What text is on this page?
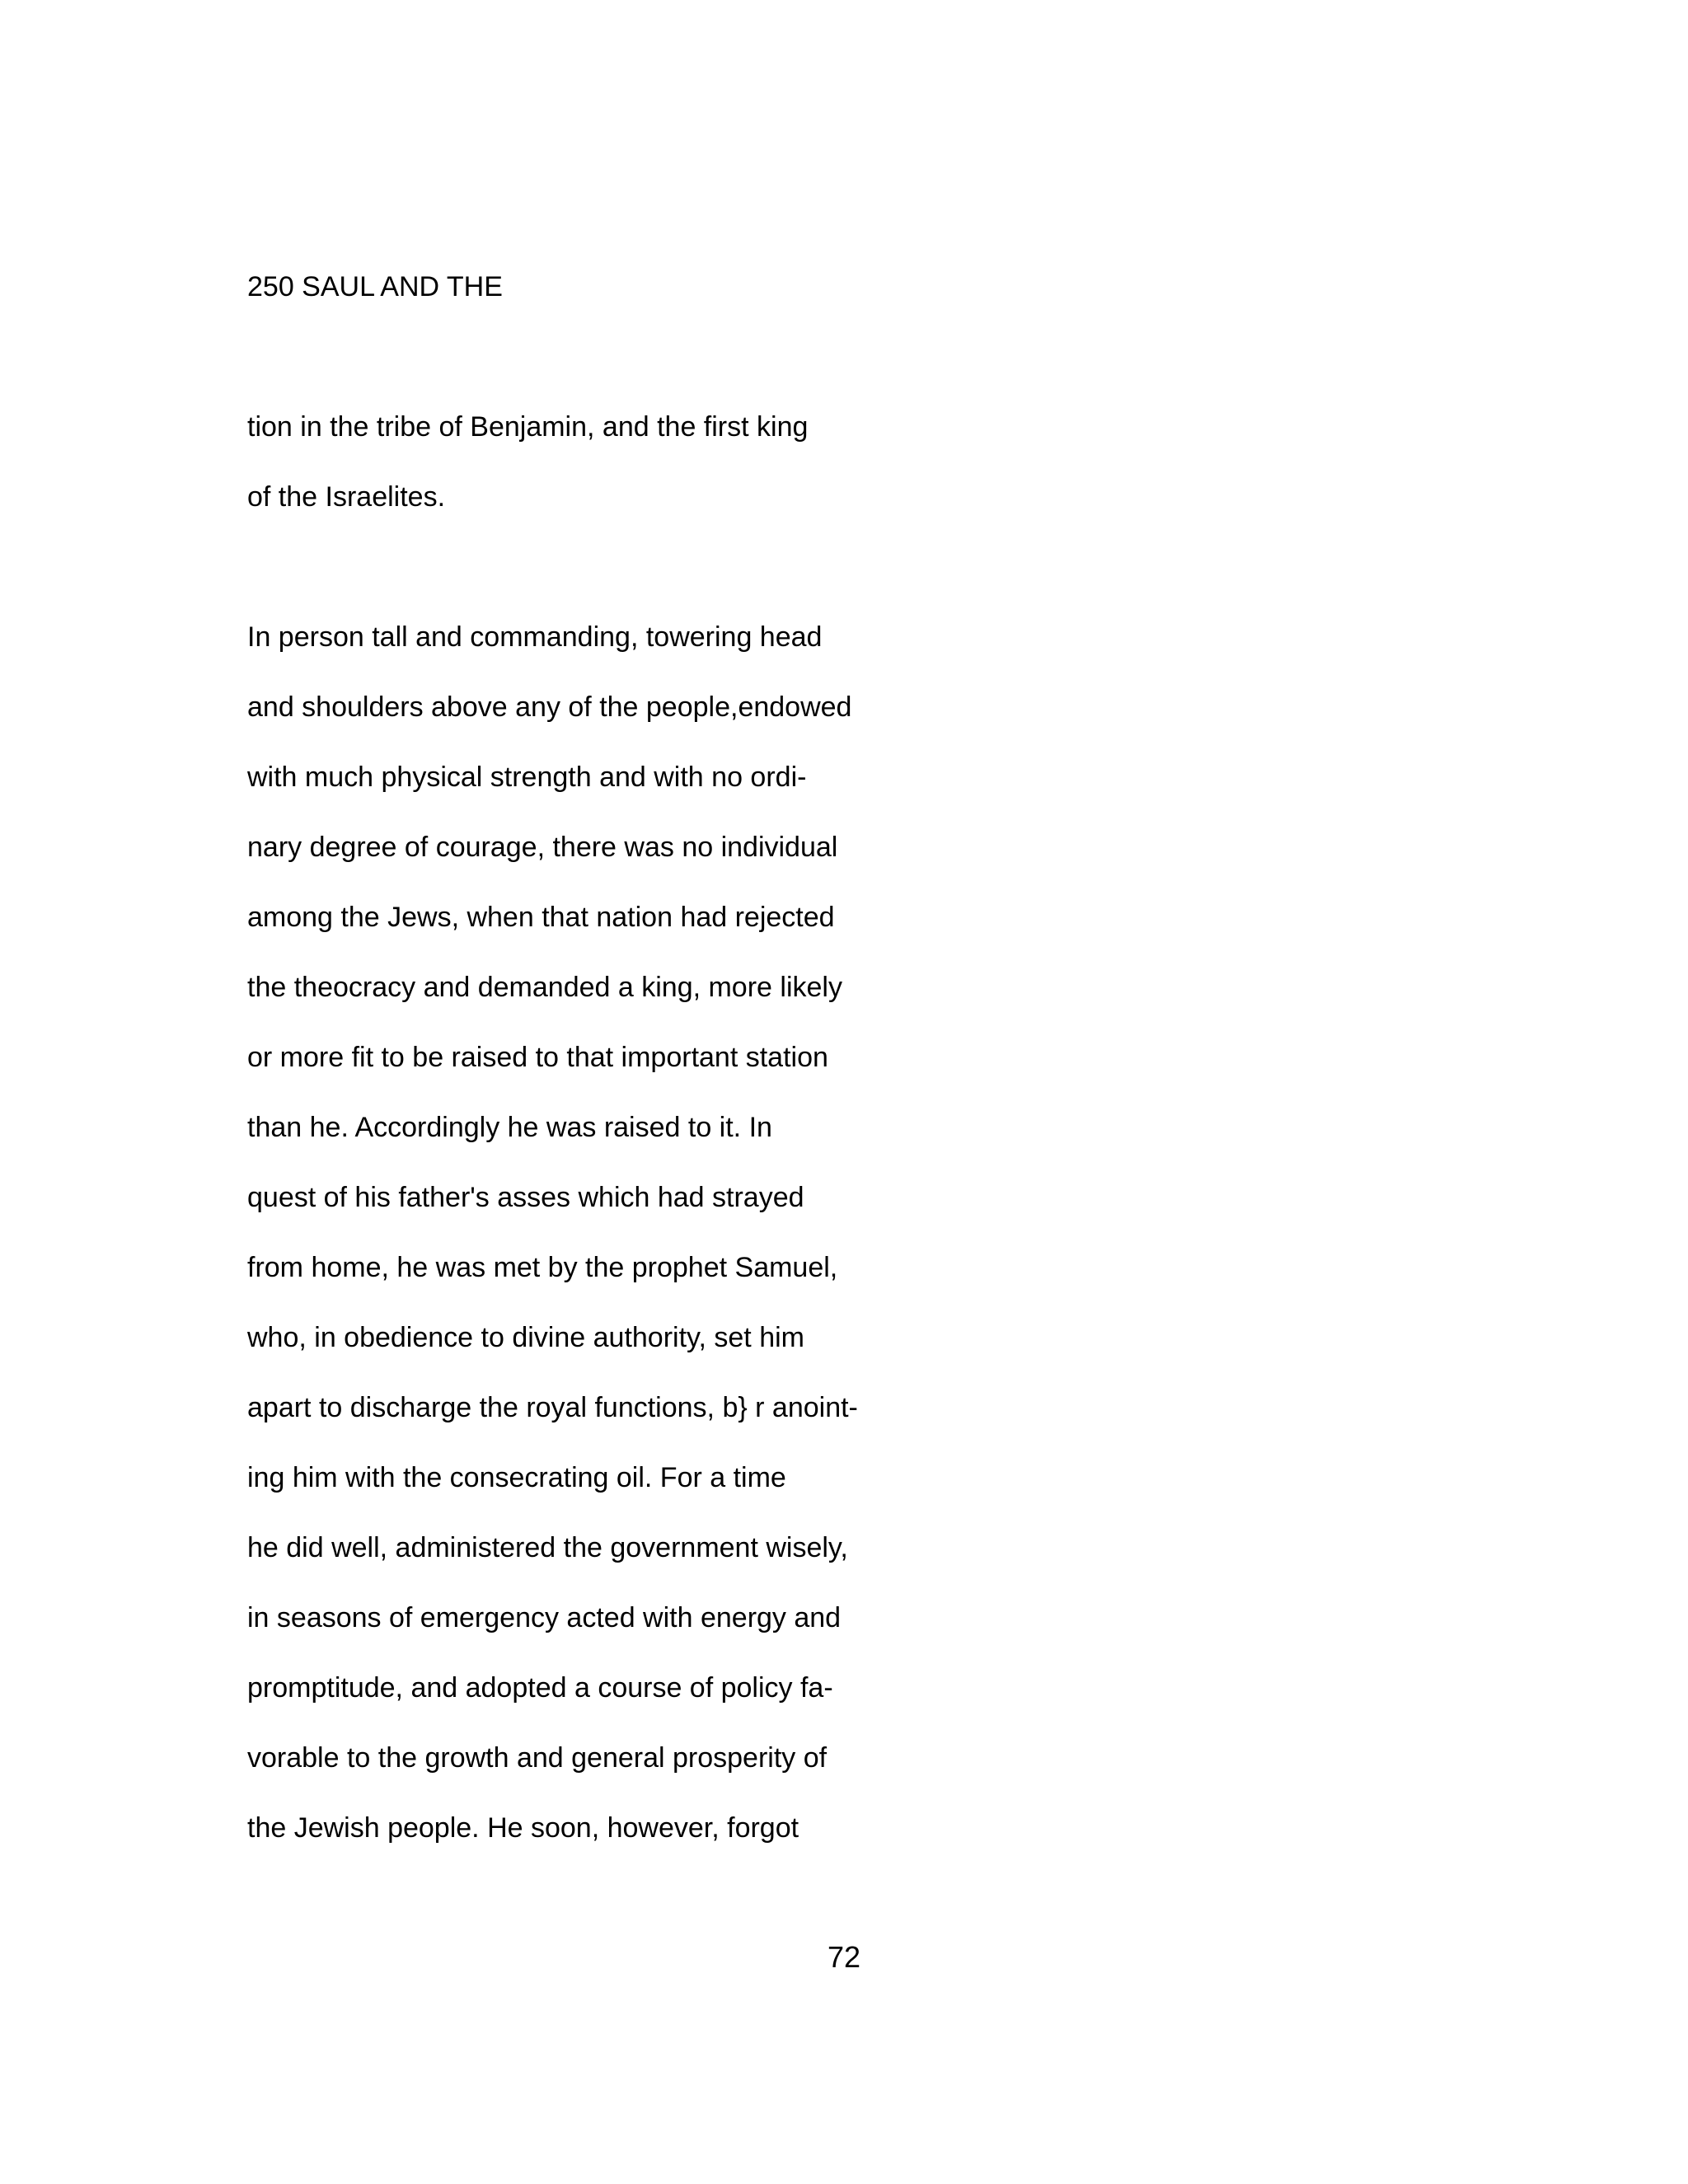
250 SAUL AND THE
tion in the tribe of Benjamin, and the first king
of the Israelites.
In person tall and commanding, towering head
and shoulders above any of the people,endowed
with much physical strength and with no ordi-
nary degree of courage, there was no individual
among the Jews, when that nation had rejected
the theocracy and demanded a king, more likely
or more fit to be raised to that important station
than he. Accordingly he was raised to it. In
quest of his father's asses which had strayed
from home, he was met by the prophet Samuel,
who, in obedience to divine authority, set him
apart to discharge the royal functions, b} r anoint-
ing him with the consecrating oil. For a time
he did well, administered the government wisely,
in seasons of emergency acted with energy and
promptitude, and adopted a course of policy fa-
vorable to the growth and general prosperity of
the Jewish people. He soon, however, forgot
72
